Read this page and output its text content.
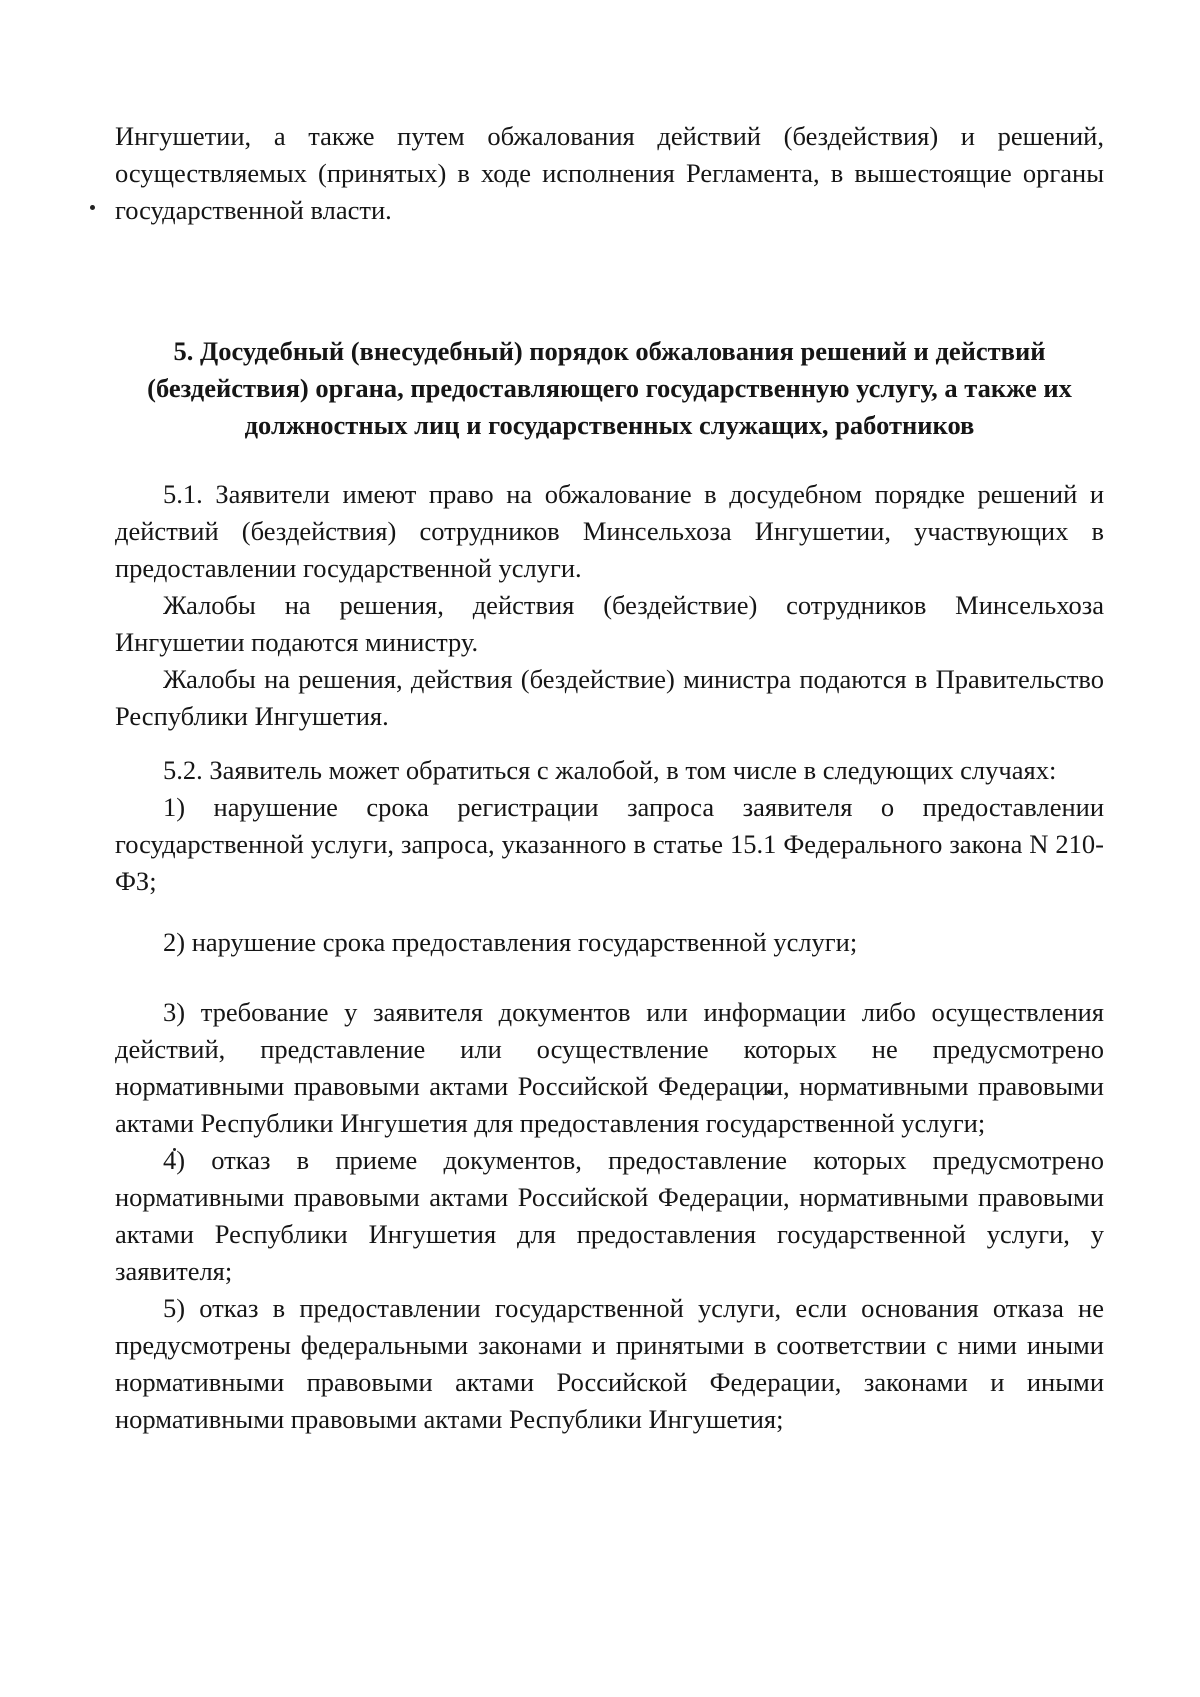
Ингушетии, а также путем обжалования действий (бездействия) и решений, осуществляемых (принятых) в ходе исполнения Регламента, в вышестоящие органы государственной власти.

5. Досудебный (внесудебный) порядок обжалования решений и действий (бездействия) органа, предоставляющего государственную услугу, а также их должностных лиц и государственных служащих, работников

5.1. Заявители имеют право на обжалование в досудебном порядке решений и действий (бездействия) сотрудников Минсельхоза Ингушетии, участвующих в предоставлении государственной услуги.

Жалобы на решения, действия (бездействие) сотрудников Минсельхоза Ингушетии подаются министру.

Жалобы на решения, действия (бездействие) министра подаются в Правительство Республики Ингушетия.

5.2. Заявитель может обратиться с жалобой, в том числе в следующих случаях:

1) нарушение срока регистрации запроса заявителя о предоставлении государственной услуги, запроса, указанного в статье 15.1 Федерального закона N 210-ФЗ;

2) нарушение срока предоставления государственной услуги;

3) требование у заявителя документов или информации либо осуществления действий, представление или осуществление которых не предусмотрено нормативными правовыми актами Российской Федерации, нормативными правовыми актами Республики Ингушетия для предоставления государственной услуги;

4) отказ в приеме документов, предоставление которых предусмотрено нормативными правовыми актами Российской Федерации, нормативными правовыми актами Республики Ингушетия для предоставления государственной услуги, у заявителя;

5) отказ в предоставлении государственной услуги, если основания отказа не предусмотрены федеральными законами и принятыми в соответствии с ними иными нормативными правовыми актами Российской Федерации, законами и иными нормативными правовыми актами Республики Ингушетия;
